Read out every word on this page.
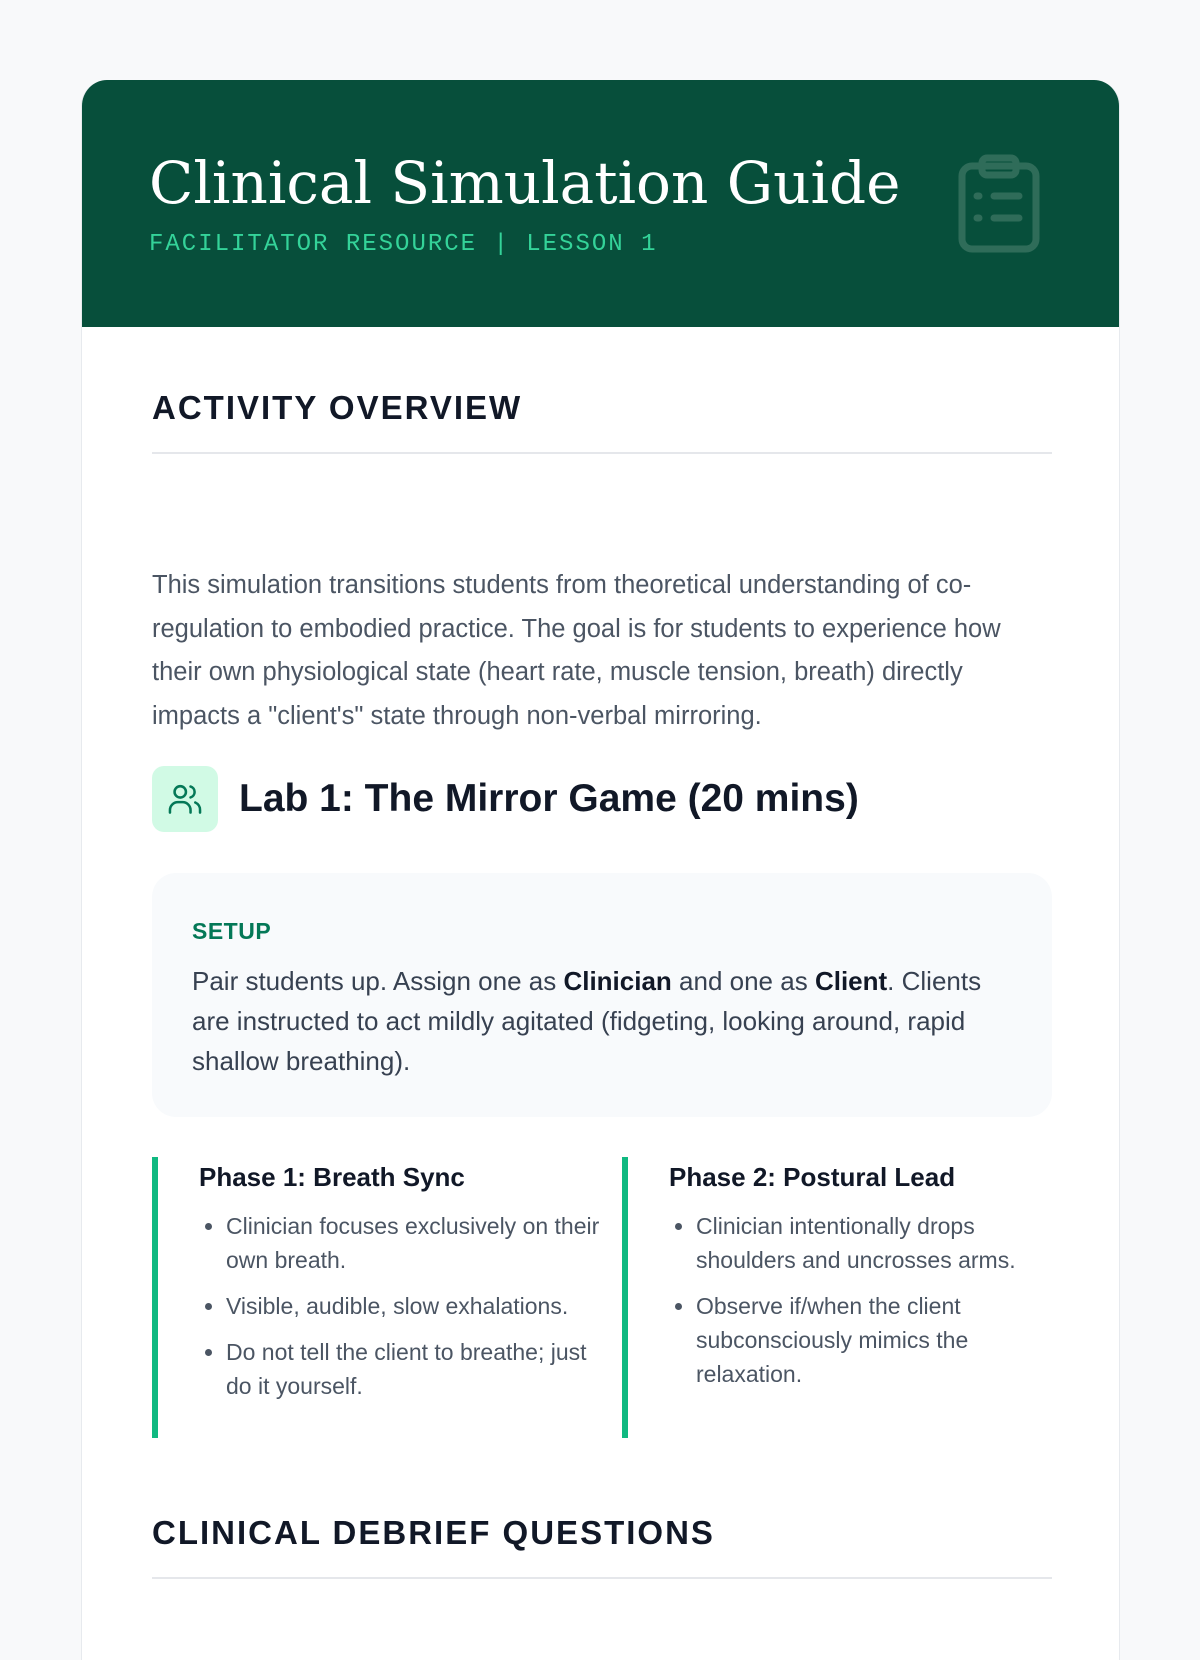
Clinical Simulation Guide
FACILITATOR RESOURCE | LESSON 1
ACTIVITY OVERVIEW

This simulation transitions students from theoretical understanding of co-regulation to embodied practice. The goal is for students to experience how their own physiological state (heart rate, muscle tension, breath) directly impacts a "client's" state through non-verbal mirroring.

Lab 1: The Mirror Game (20 mins)
SETUP

Pair students up. Assign one as Clinician and one as Client. Clients are instructed to act mildly agitated (fidgeting, looking around, rapid shallow breathing).

Phase 1: Breath Sync
• Clinician focuses exclusively on their own breath.
• Visible, audible, slow exhalations.
• Do not tell the client to breathe; just do it yourself.
Phase 2: Postural Lead
• Clinician intentionally drops shoulders and uncrosses arms.
• Observe if/when the client subconsciously mimics the relaxation.
CLINICAL DEBRIEF QUESTIONS
